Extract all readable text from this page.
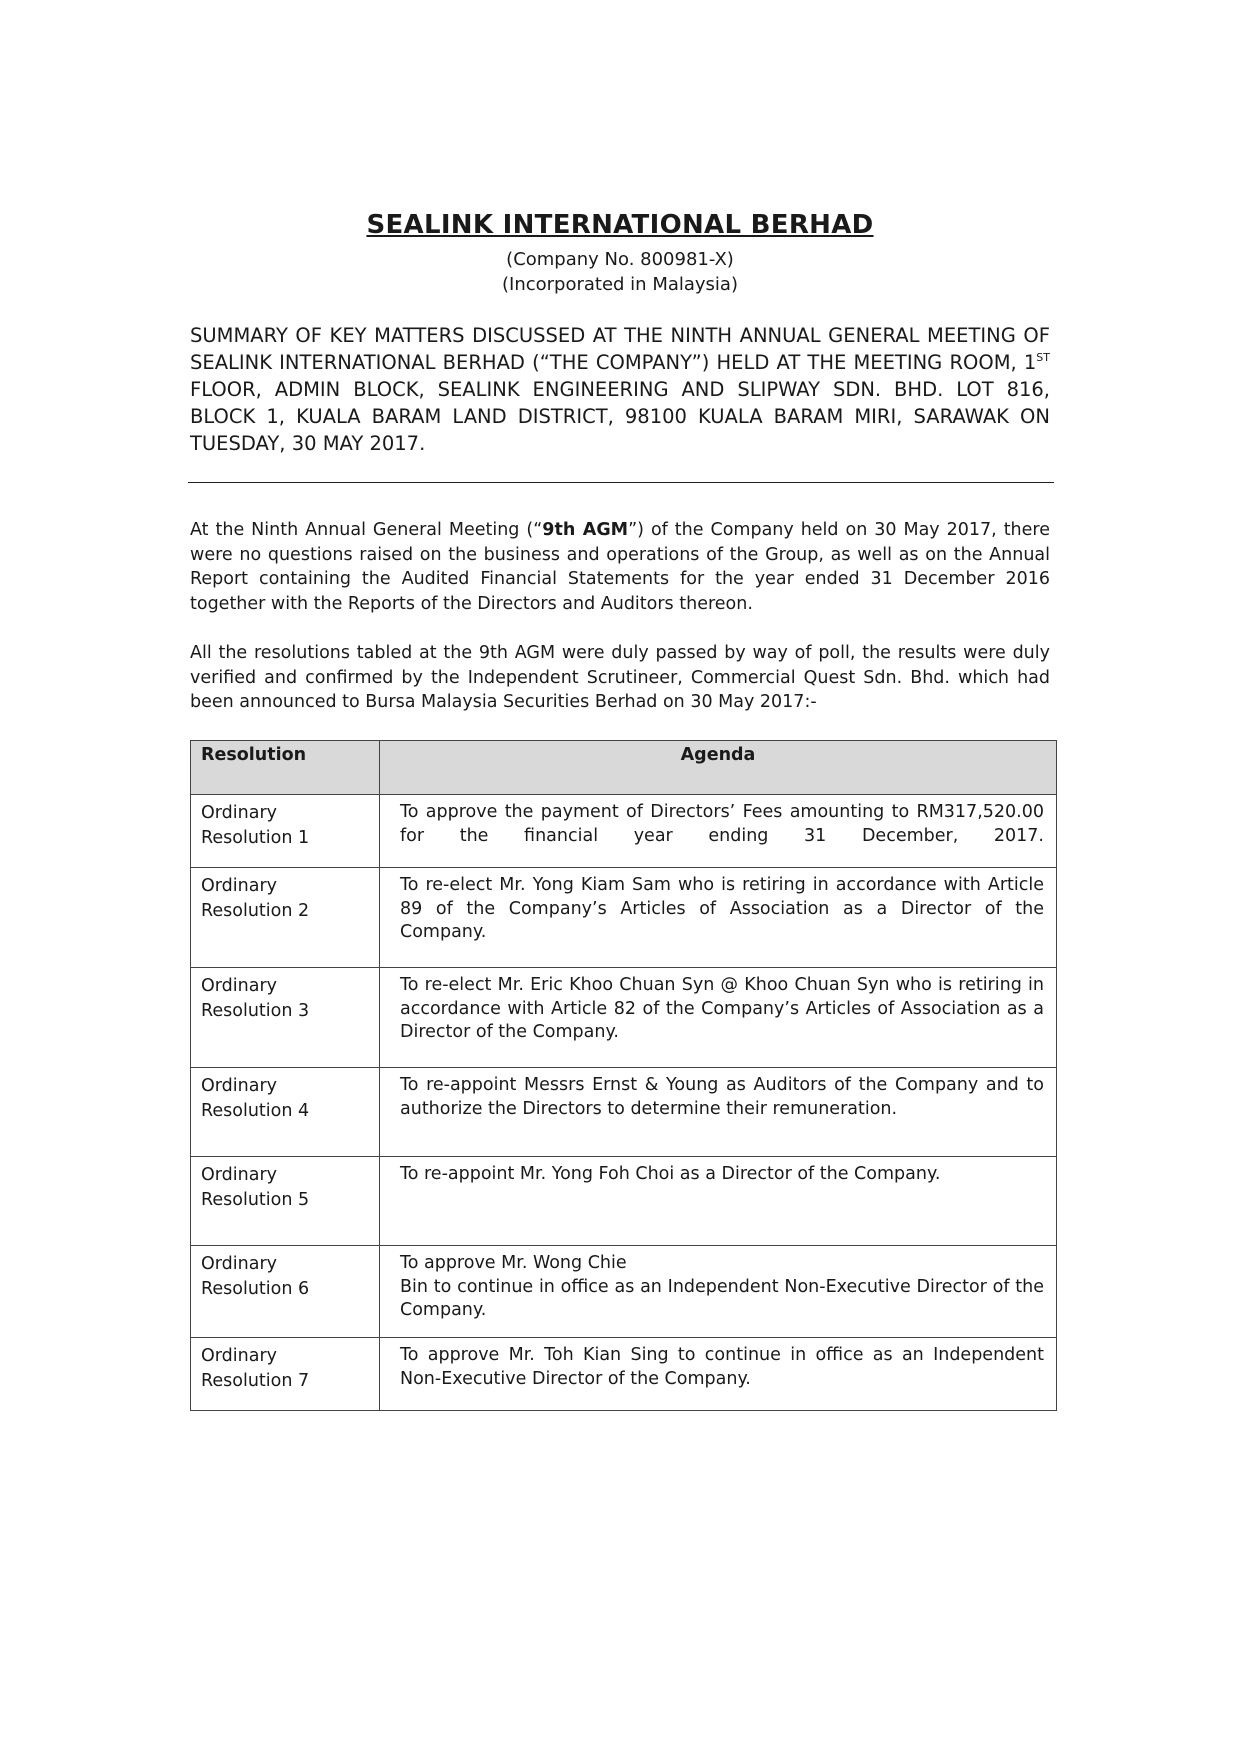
SEALINK INTERNATIONAL BERHAD
(Company No. 800981-X)
(Incorporated in Malaysia)
SUMMARY OF KEY MATTERS DISCUSSED AT THE NINTH ANNUAL GENERAL MEETING OF SEALINK INTERNATIONAL BERHAD (“THE COMPANY”) HELD AT THE MEETING ROOM, 1ST FLOOR, ADMIN BLOCK, SEALINK ENGINEERING AND SLIPWAY SDN. BHD. LOT 816, BLOCK 1, KUALA BARAM LAND DISTRICT, 98100 KUALA BARAM MIRI, SARAWAK ON TUESDAY, 30 MAY 2017.
At the Ninth Annual General Meeting (“9th AGM”) of the Company held on 30 May 2017, there were no questions raised on the business and operations of the Group, as well as on the Annual Report containing the Audited Financial Statements for the year ended 31 December 2016 together with the Reports of the Directors and Auditors thereon.
All the resolutions tabled at the 9th AGM were duly passed by way of poll, the results were duly verified and confirmed by the Independent Scrutineer, Commercial Quest Sdn. Bhd. which had been announced to Bursa Malaysia Securities Berhad on 30 May 2017:-
Resolution	Agenda

Ordinary
Resolution 1	To approve the payment of Directors’ Fees amounting to RM317,520.00 for the financial year ending 31 December, 2017.

Ordinary
Resolution 2	To re-elect Mr. Yong Kiam Sam who is retiring in accordance with Article 89 of the Company’s Articles of Association as a Director of the Company.

Ordinary
Resolution 3	To re-elect Mr. Eric Khoo Chuan Syn @ Khoo Chuan Syn who is retiring in accordance with Article 82 of the Company’s Articles of Association as a Director of the Company.

Ordinary
Resolution 4	To re-appoint Messrs Ernst & Young as Auditors of the Company and to authorize the Directors to determine their remuneration.

Ordinary
Resolution 5	To re-appoint Mr. Yong Foh Choi as a Director of the Company.

Ordinary
Resolution 6	To approve Mr. Wong Chie
Bin to continue in office as an Independent Non-Executive Director of the Company.

Ordinary
Resolution 7	To approve Mr. Toh Kian Sing to continue in office as an Independent Non-Executive Director of the Company.
